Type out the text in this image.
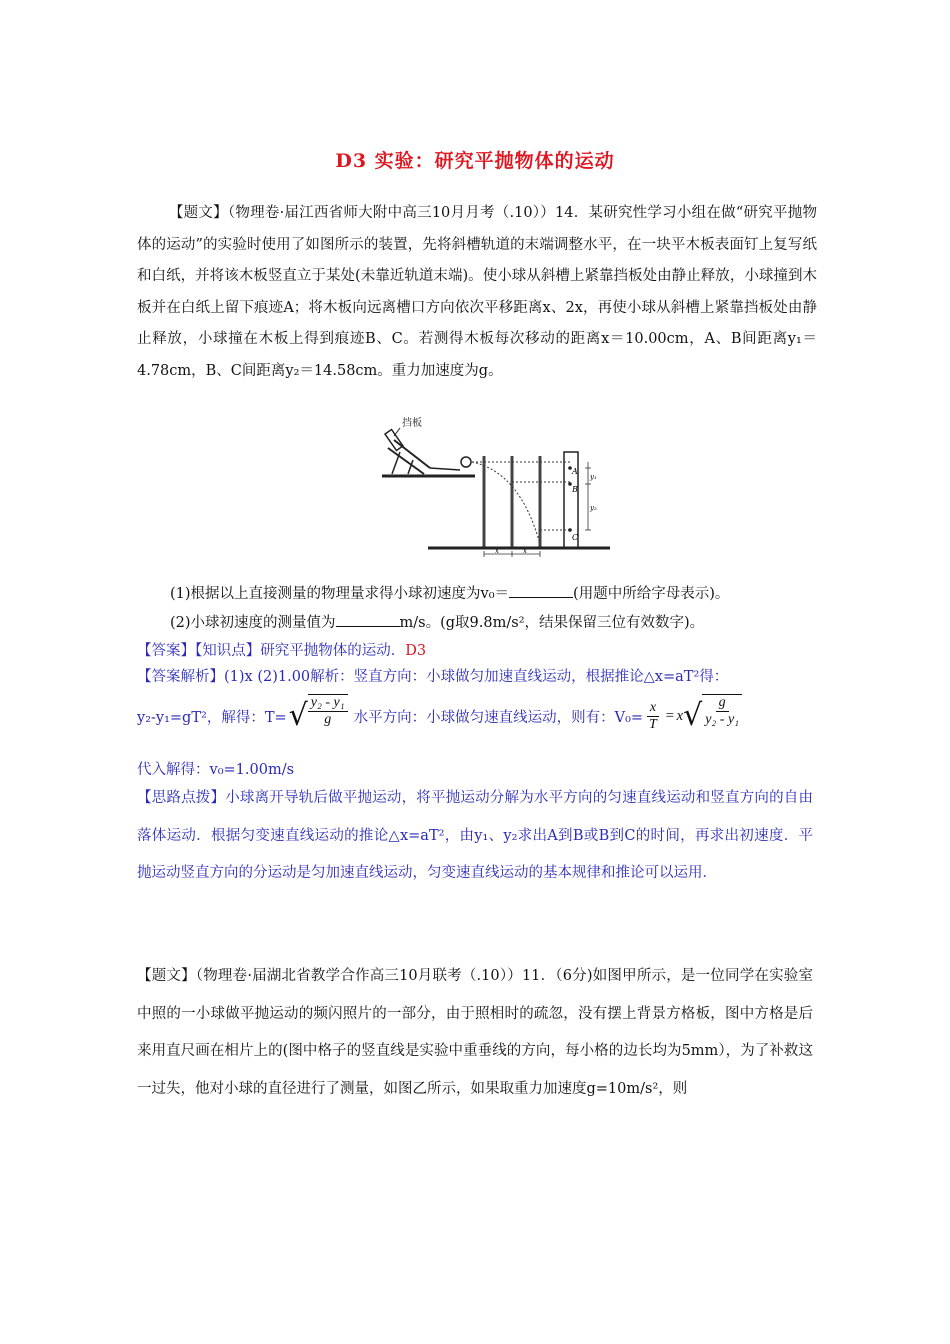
D3 实验：研究平抛物体的运动
【题文】（物理卷·届江西省师大附中高三10月月考（.10））14．某研究性学习小组在做“研究平抛物体的运动”的实验时使用了如图所示的装置，先将斜槽轨道的末端调整水平，在一块平木板表面钉上复写纸和白纸，并将该木板竖直立于某处(未靠近轨道末端)。使小球从斜槽上紧靠挡板处由静止释放，小球撞到木板并在白纸上留下痕迹A；将木板向远离槽口方向依次平移距离x、2x，再使小球从斜槽上紧靠挡板处由静止释放，小球撞在木板上得到痕迹B、C。若测得木板每次移动的距离x＝10.00cm，A、B间距离y₁＝4.78cm，B、C间距离y₂＝14.58cm。重力加速度为g。
挡板
A
B
C
y₁
y₂
x	x
(1)根据以上直接测量的物理量求得小球初速度为v₀＝	(用题中所给字母表示)。
(2)小球初速度的测量值为	m/s。(g取9.8m/s²，结果保留三位有效数字)。
【答案】【知识点】研究平抛物体的运动．D3
【答案解析】(1)x (2)1.00解析：竖直方向：小球做匀加速直线运动，根据推论△x=aT²得：
y₂-y₁=gT²，解得：T= √ $\frac{\text{y₂ - y₁}}{g}$ 水平方向：小球做匀速直线运动，则有：$V_0= \frac{x}{T} = x$ √ $\frac{g}{\text{y₂ - y₁}}$
代入解得：v₀=1.00m/s
【思路点拨】小球离开导轨后做平抛运动，将平抛运动分解为水平方向的匀速直线运动和竖直方向的自由落体运动．根据匀变速直线运动的推论△x=aT²，由y₁、y₂求出A到B或B到C的时间，再求出初速度．平抛运动竖直方向的分运动是匀加速直线运动，匀变速直线运动的基本规律和推论可以运用．
【题文】（物理卷·届湖北省教学合作高三10月联考（.10））11．（6分)如图甲所示，是一位同学在实验室中照的一小球做平抛运动的频闪照片的一部分，由于照相时的疏忽，没有摆上背景方格板，图中方格是后来用直尺画在相片上的(图中格子的竖直线是实验中重垂线的方向，每小格的边长均为5mm），为了补救这一过失，他对小球的直径进行了测量，如图乙所示，如果取重力加速度g=10m/s²，则
